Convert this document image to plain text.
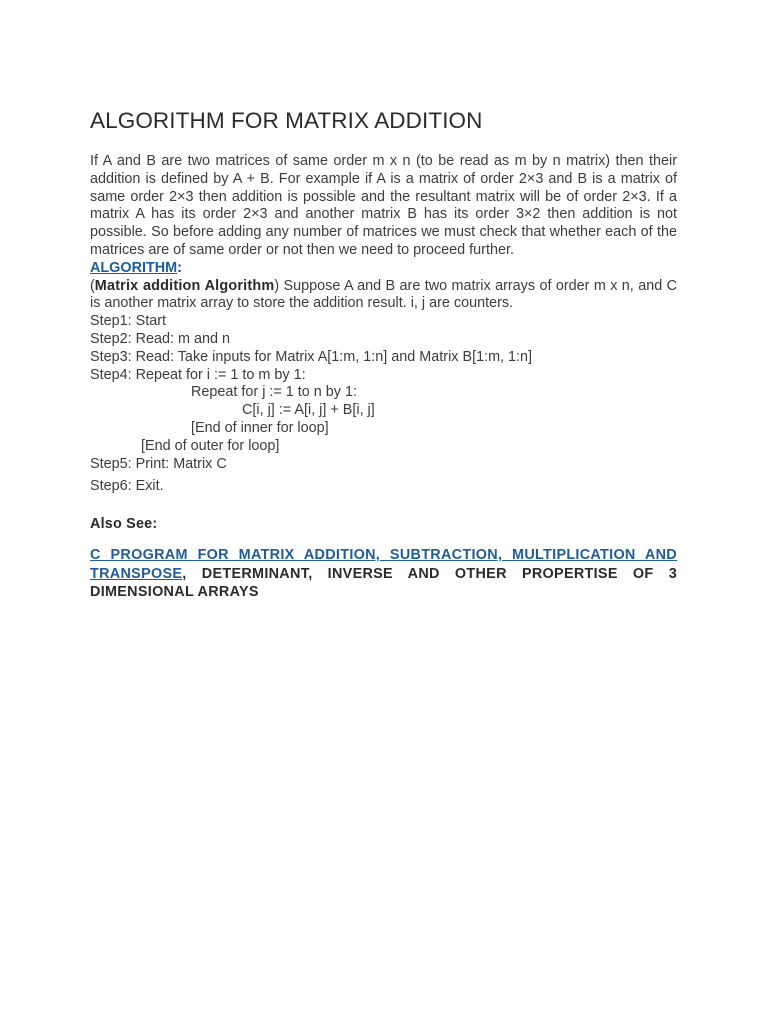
ALGORITHM FOR MATRIX ADDITION

If A and B are two matrices of same order m x n (to be read as m by n matrix) then their addition is defined by A + B. For example if A is a matrix of order 2×3 and B is a matrix of same order 2×3 then addition is possible and the resultant matrix will be of order 2×3. If a matrix A has its order 2×3 and another matrix B has its order 3×2 then addition is not possible. So before adding any number of matrices we must check that whether each of the matrices are of same order or not then we need to proceed further.

ALGORITHM:

(Matrix addition Algorithm) Suppose A and B are two matrix arrays of order m x n, and C is another matrix array to store the addition result. i, j are counters.

Step1: Start

Step2: Read: m and n

Step3: Read: Take inputs for Matrix A[1:m, 1:n] and Matrix B[1:m, 1:n]

Step4: Repeat for i := 1 to m by 1:

Repeat for j := 1 to n by 1:

C[i, j] := A[i, j] + B[i, j]

[End of inner for loop]

[End of outer for loop]

Step5: Print: Matrix C

Step6: Exit.

Also See:

C PROGRAM FOR MATRIX ADDITION, SUBTRACTION, MULTIPLICATION AND TRANSPOSE, DETERMINANT, INVERSE AND OTHER PROPERTISE OF 3 DIMENSIONAL ARRAYS
